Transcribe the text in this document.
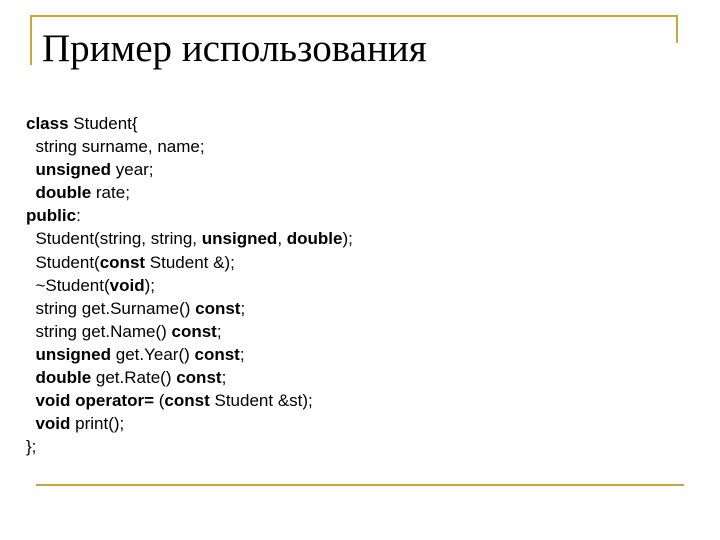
Пример использования
class Student{
string surname, name;
unsigned year;
double rate;
public:
Student(string, string, unsigned, double);
Student(const Student &);
~Student(void);
string get.Surname() const;
string get.Name() const;
unsigned get.Year() const;
double get.Rate() const;
void operator= (const Student &st);
void print();
};
